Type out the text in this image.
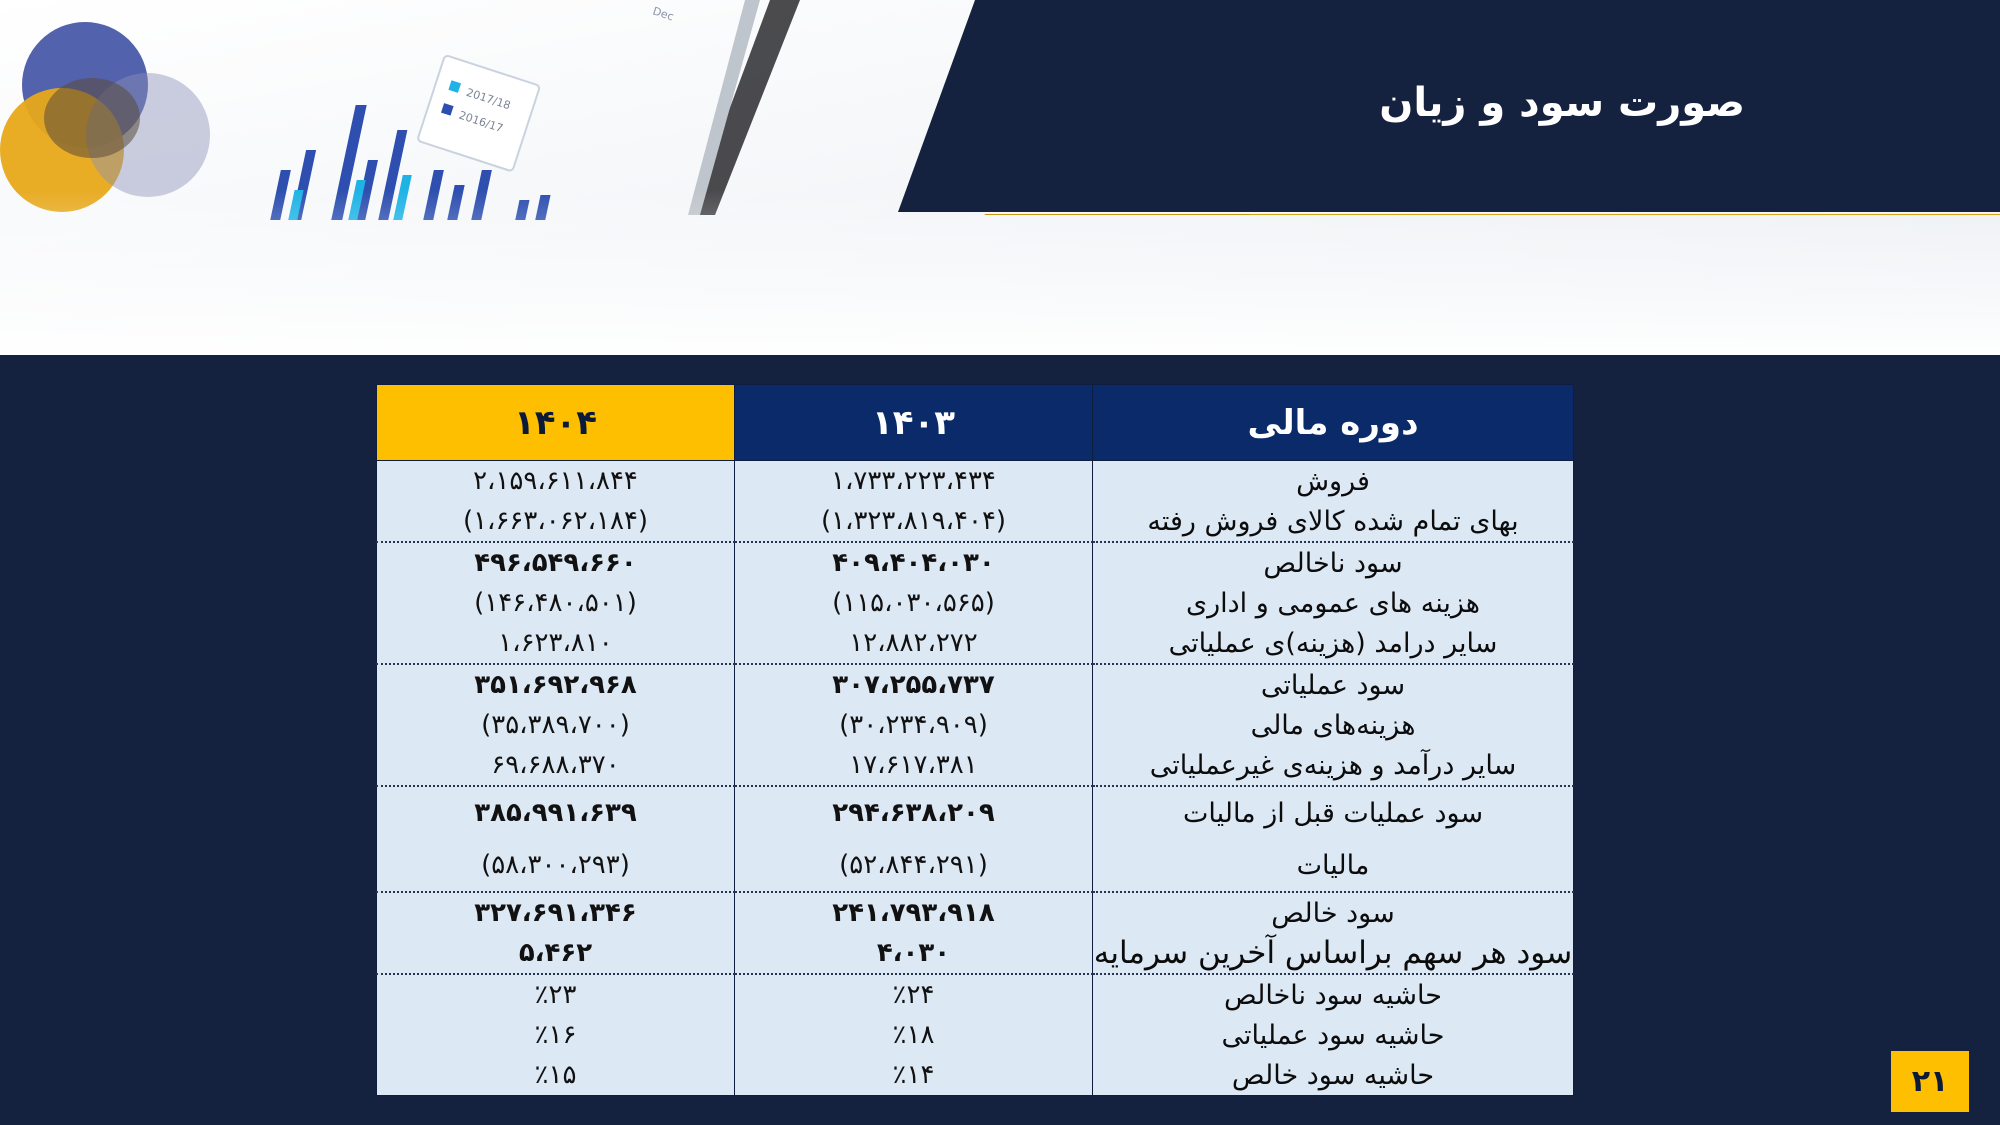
2017/18
2016/17
Dec
صورت سود و زیان
۱۴۰۴	۱۴۰۳	دوره مالی
۲،۱۵۹،۶۱۱،۸۴۴	۱،۷۳۳،۲۲۳،۴۳۴	فروش
(۱،۶۶۳،۰۶۲،۱۸۴)	(۱،۳۲۳،۸۱۹،۴۰۴)	بهای تمام شده کالای فروش رفته
۴۹۶،۵۴۹،۶۶۰	۴۰۹،۴۰۴،۰۳۰	سود ناخالص
(۱۴۶،۴۸۰،۵۰۱)	(۱۱۵،۰۳۰،۵۶۵)	هزینه های عمومی و اداری
۱،۶۲۳،۸۱۰	۱۲،۸۸۲،۲۷۲	سایر درامد (هزینه)ی عملیاتی
۳۵۱،۶۹۲،۹۶۸	۳۰۷،۲۵۵،۷۳۷	سود عملیاتی
(۳۵،۳۸۹،۷۰۰)	(۳۰،۲۳۴،۹۰۹)	هزینه‌های مالی
۶۹،۶۸۸،۳۷۰	۱۷،۶۱۷،۳۸۱	سایر درآمد و هزینه‌ی غیرعملیاتی
۳۸۵،۹۹۱،۶۳۹	۲۹۴،۶۳۸،۲۰۹	سود عملیات قبل از مالیات
(۵۸،۳۰۰،۲۹۳)	(۵۲،۸۴۴،۲۹۱)	مالیات
۳۲۷،۶۹۱،۳۴۶	۲۴۱،۷۹۳،۹۱۸	سود خالص
۵،۴۶۲	۴،۰۳۰	سود هر سهم براساس آخرین سرمایه
٪۲۳	٪۲۴	حاشیه سود ناخالص
٪۱۶	٪۱۸	حاشیه سود عملیاتی
٪۱۵	٪۱۴	حاشیه سود خالص	۲۱
